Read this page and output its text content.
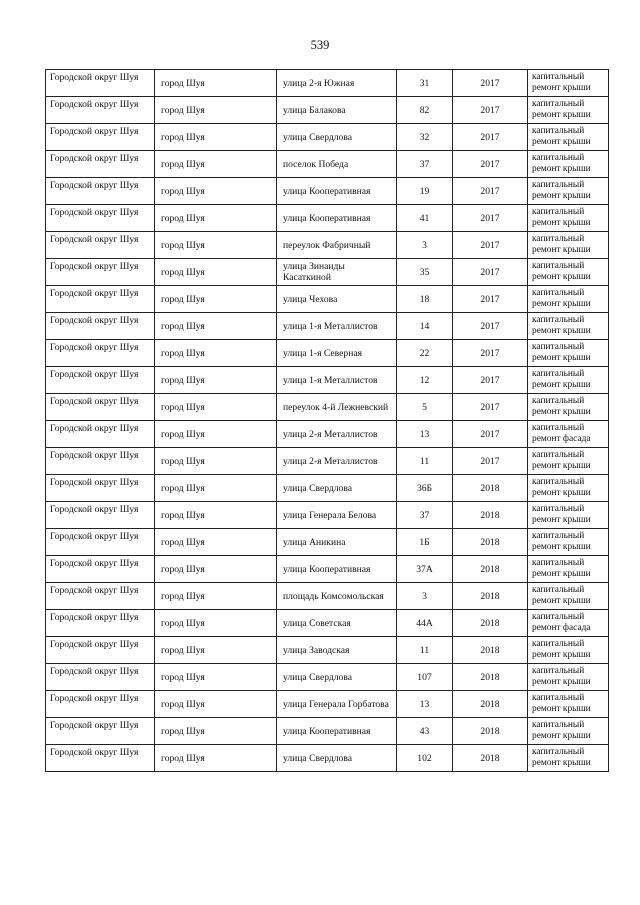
539
Городской округ Шуя	город Шуя	улица 2-я Южная	31	2017	капитальный ремонт крыши
Городской округ Шуя	город Шуя	улица Балакова	82	2017	капитальный ремонт крыши
Городской округ Шуя	город Шуя	улица Свердлова	32	2017	капитальный ремонт крыши
Городской округ Шуя	город Шуя	поселок Победа	37	2017	капитальный ремонт крыши
Городской округ Шуя	город Шуя	улица Кооперативная	19	2017	капитальный ремонт крыши
Городской округ Шуя	город Шуя	улица Кооперативная	41	2017	капитальный ремонт крыши
Городской округ Шуя	город Шуя	переулок Фабричный	3	2017	капитальный ремонт крыши
Городской округ Шуя	город Шуя	улица Зинаиды Касаткиной	35	2017	капитальный ремонт крыши
Городской округ Шуя	город Шуя	улица Чехова	18	2017	капитальный ремонт крыши
Городской округ Шуя	город Шуя	улица 1-я Металлистов	14	2017	капитальный ремонт крыши
Городской округ Шуя	город Шуя	улица 1-я Северная	22	2017	капитальный ремонт крыши
Городской округ Шуя	город Шуя	улица 1-я Металлистов	12	2017	капитальный ремонт крыши
Городской округ Шуя	город Шуя	переулок 4-й Лежневский	5	2017	капитальный ремонт крыши
Городской округ Шуя	город Шуя	улица 2-я Металлистов	13	2017	капитальный ремонт фасада
Городской округ Шуя	город Шуя	улица 2-я Металлистов	11	2017	капитальный ремонт крыши
Городской округ Шуя	город Шуя	улица Свердлова	36Б	2018	капитальный ремонт крыши
Городской округ Шуя	город Шуя	улица Генерала Белова	37	2018	капитальный ремонт крыши
Городской округ Шуя	город Шуя	улица Аникина	1Б	2018	капитальный ремонт крыши
Городской округ Шуя	город Шуя	улица Кооперативная	37А	2018	капитальный ремонт крыши
Городской округ Шуя	город Шуя	площадь Комсомольская	3	2018	капитальный ремонт крыши
Городской округ Шуя	город Шуя	улица Советская	44А	2018	капитальный ремонт фасада
Городской округ Шуя	город Шуя	улица Заводская	11	2018	капитальный ремонт крыши
Городской округ Шуя	город Шуя	улица Свердлова	107	2018	капитальный ремонт крыши
Городской округ Шуя	город Шуя	улица Генерала Горбатова	13	2018	капитальный ремонт крыши
Городской округ Шуя	город Шуя	улица Кооперативная	43	2018	капитальный ремонт крыши
Городской округ Шуя	город Шуя	улица Свердлова	102	2018	капитальный ремонт крыши
